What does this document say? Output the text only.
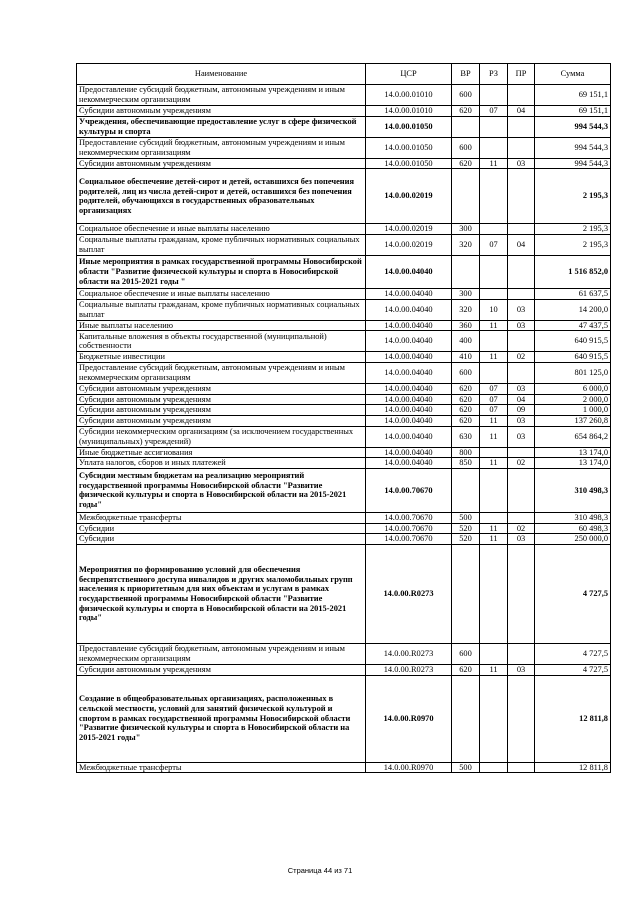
Наименование	ЦСР	ВР	РЗ	ПР	Сумма
Предоставление субсидий бюджетным, автономным учреждениям и иным некоммерческим организациям	14.0.00.01010	600			69 151,1
Субсидии автономным учреждениям	14.0.00.01010	620	07	04	69 151,1
Учреждения, обеспечивающие предоставление услуг в сфере физической культуры и спорта	14.0.00.01050				994 544,3
Предоставление субсидий бюджетным, автономным учреждениям и иным некоммерческим организациям	14.0.00.01050	600			994 544,3
Субсидии автономным учреждениям	14.0.00.01050	620	11	03	994 544,3
Социальное обеспечение детей-сирот и детей, оставшихся без попечения родителей, лиц из числа детей-сирот и детей, оставшихся без попечения родителей, обучающихся в государственных образовательных организациях	14.0.00.02019				2 195,3
Социальное обеспечение и иные выплаты населению	14.0.00.02019	300			2 195,3
Социальные выплаты гражданам, кроме публичных нормативных социальных выплат	14.0.00.02019	320	07	04	2 195,3
Иные мероприятия в рамках государственной программы Новосибирской области "Развитие физической культуры и спорта в Новосибирской области на 2015-2021 годы "	14.0.00.04040				1 516 852,0
Социальное обеспечение и иные выплаты населению	14.0.00.04040	300			61 637,5
Социальные выплаты гражданам, кроме публичных нормативных социальных выплат	14.0.00.04040	320	10	03	14 200,0
Иные выплаты населению	14.0.00.04040	360	11	03	47 437,5
Капитальные вложения в объекты государственной (муниципальной) собственности	14.0.00.04040	400			640 915,5
Бюджетные инвестиции	14.0.00.04040	410	11	02	640 915,5
Предоставление субсидий бюджетным, автономным учреждениям и иным некоммерческим организациям	14.0.00.04040	600			801 125,0
Субсидии автономным учреждениям	14.0.00.04040	620	07	03	6 000,0
Субсидии автономным учреждениям	14.0.00.04040	620	07	04	2 000,0
Субсидии автономным учреждениям	14.0.00.04040	620	07	09	1 000,0
Субсидии автономным учреждениям	14.0.00.04040	620	11	03	137 260,8
Субсидии некоммерческим организациям (за исключением государственных (муниципальных) учреждений)	14.0.00.04040	630	11	03	654 864,2
Иные бюджетные ассигнования	14.0.00.04040	800			13 174,0
Уплата налогов, сборов и иных платежей	14.0.00.04040	850	11	02	13 174,0
Субсидии местным бюджетам на реализацию мероприятий государственной программы Новосибирской области "Развитие физической культуры и спорта в Новосибирской области на 2015-2021 годы"	14.0.00.70670				310 498,3
Межбюджетные трансферты	14.0.00.70670	500			310 498,3
Субсидии	14.0.00.70670	520	11	02	60 498,3
Субсидии	14.0.00.70670	520	11	03	250 000,0
Мероприятия по формированию условий для обеспечения беспрепятственного доступа инвалидов и других маломобильных групп населения к приоритетным для них объектам и услугам в рамках государственной программы Новосибирской области "Развитие физической культуры и спорта в Новосибирской области на 2015-2021 годы"	14.0.00.R0273				4 727,5
Предоставление субсидий бюджетным, автономным учреждениям и иным некоммерческим организациям	14.0.00.R0273	600			4 727,5
Субсидии автономным учреждениям	14.0.00.R0273	620	11	03	4 727,5
Создание в общеобразовательных организациях, расположенных в сельской местности, условий для занятий физической культурой и спортом в рамках государственной программы Новосибирской области "Развитие физической культуры и спорта в Новосибирской области на 2015-2021 годы"	14.0.00.R0970				12 811,8
Межбюджетные трансферты	14.0.00.R0970	500			12 811,8
Страница 44 из 71
